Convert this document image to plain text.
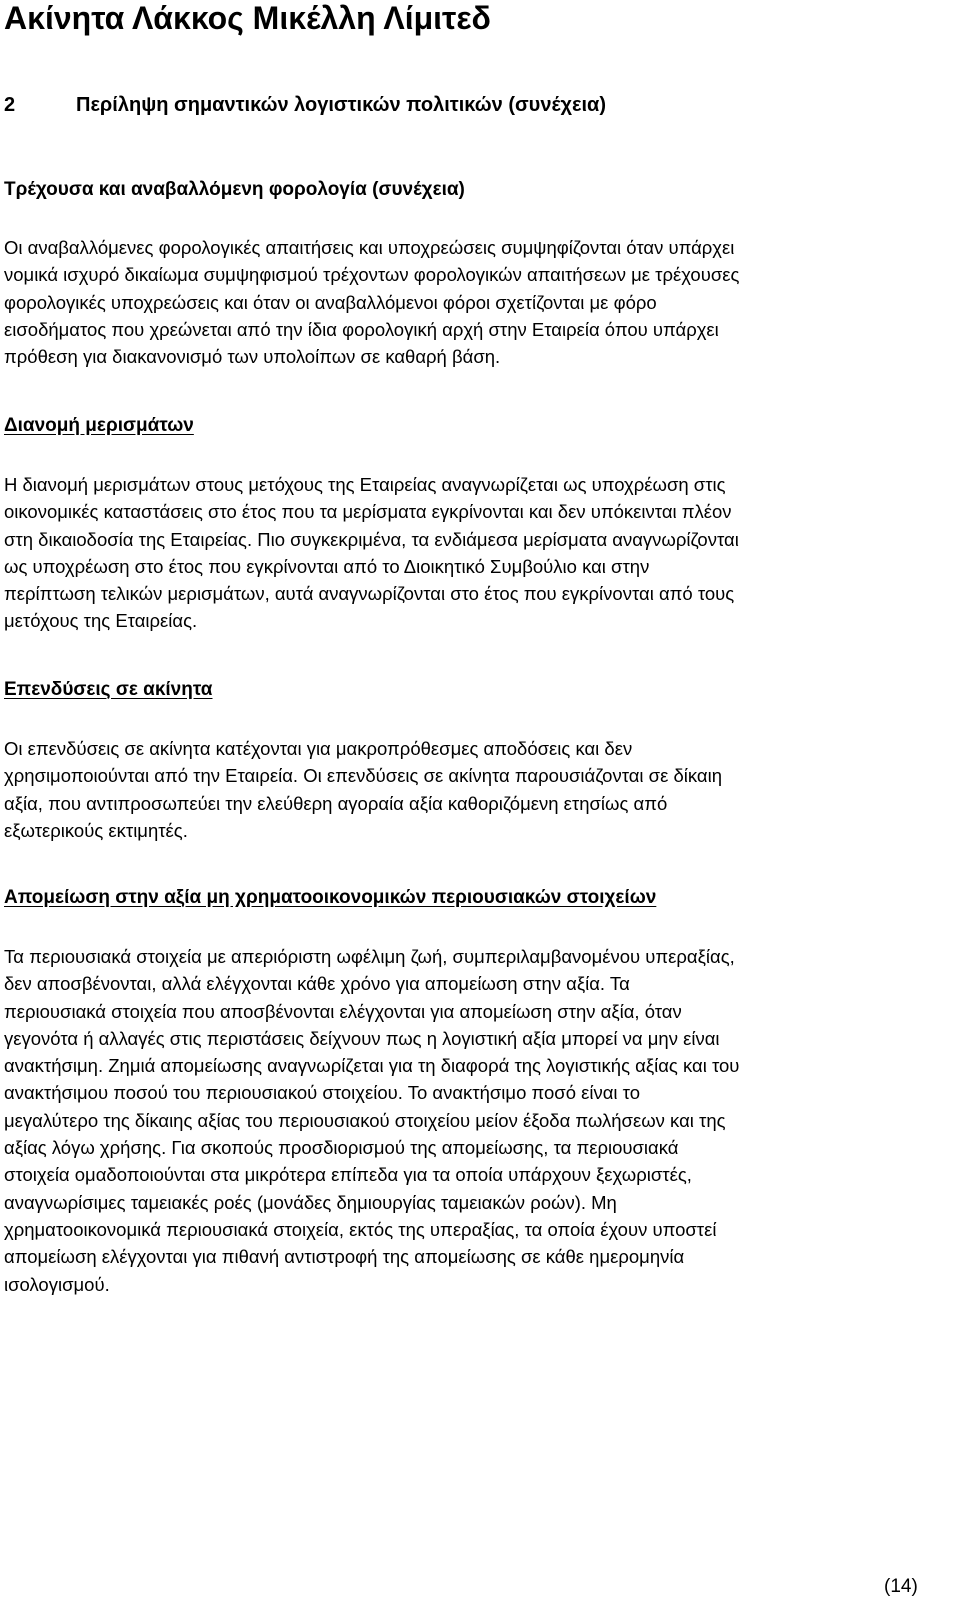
Ακίνητα Λάκκος Μικέλλη Λίμιτεδ
2	Περίληψη σημαντικών λογιστικών πολιτικών (συνέχεια)
Τρέχουσα και αναβαλλόμενη φορολογία (συνέχεια)
Οι αναβαλλόμενες φορολογικές απαιτήσεις και υποχρεώσεις συμψηφίζονται όταν υπάρχει
νομικά ισχυρό δικαίωμα συμψηφισμού τρέχοντων φορολογικών απαιτήσεων με τρέχουσες
φορολογικές υποχρεώσεις και όταν οι αναβαλλόμενοι φόροι σχετίζονται με φόρο
εισοδήματος που χρεώνεται από την ίδια φορολογική αρχή στην Εταιρεία όπου υπάρχει
πρόθεση για διακανονισμό των υπολοίπων σε καθαρή βάση.
Διανομή μερισμάτων
Η διανομή μερισμάτων στους μετόχους της Εταιρείας αναγνωρίζεται ως υποχρέωση στις
οικονομικές καταστάσεις στο έτος που τα μερίσματα εγκρίνονται και δεν υπόκεινται πλέον
στη δικαιοδοσία της Εταιρείας. Πιο συγκεκριμένα, τα ενδιάμεσα μερίσματα αναγνωρίζονται
ως υποχρέωση στο έτος που εγκρίνονται από το Διοικητικό Συμβούλιο και στην
περίπτωση τελικών μερισμάτων, αυτά αναγνωρίζονται στο έτος που εγκρίνονται από τους
μετόχους της Εταιρείας.
Επενδύσεις σε ακίνητα
Οι επενδύσεις σε ακίνητα κατέχονται για μακροπρόθεσμες αποδόσεις και δεν
χρησιμοποιούνται από την Εταιρεία. Οι επενδύσεις σε ακίνητα παρουσιάζονται σε δίκαιη
αξία, που αντιπροσωπεύει την ελεύθερη αγοραία αξία καθοριζόμενη ετησίως από
εξωτερικούς εκτιμητές.
Απομείωση στην αξία μη χρηματοοικονομικών περιουσιακών στοιχείων
Τα περιουσιακά στοιχεία με απεριόριστη ωφέλιμη ζωή, συμπεριλαμβανομένου υπεραξίας,
δεν αποσβένονται, αλλά ελέγχονται κάθε χρόνο για απομείωση στην αξία. Τα
περιουσιακά στοιχεία που αποσβένονται ελέγχονται για απομείωση στην αξία, όταν
γεγονότα ή αλλαγές στις περιστάσεις δείχνουν πως η λογιστική αξία μπορεί να μην είναι
ανακτήσιμη. Ζημιά απομείωσης αναγνωρίζεται για τη διαφορά της λογιστικής αξίας και του
ανακτήσιμου ποσού του περιουσιακού στοιχείου. Το ανακτήσιμο ποσό είναι το
μεγαλύτερο της δίκαιης αξίας του περιουσιακού στοιχείου μείον έξοδα πωλήσεων και της
αξίας λόγω χρήσης. Για σκοπούς προσδιορισμού της απομείωσης, τα περιουσιακά
στοιχεία ομαδοποιούνται στα μικρότερα επίπεδα για τα οποία υπάρχουν ξεχωριστές,
αναγνωρίσιμες ταμειακές ροές (μονάδες δημιουργίας ταμειακών ροών). Μη
χρηματοοικονομικά περιουσιακά στοιχεία, εκτός της υπεραξίας, τα οποία έχουν υποστεί
απομείωση ελέγχονται για πιθανή αντιστροφή της απομείωσης σε κάθε ημερομηνία
ισολογισμού.
(14)
